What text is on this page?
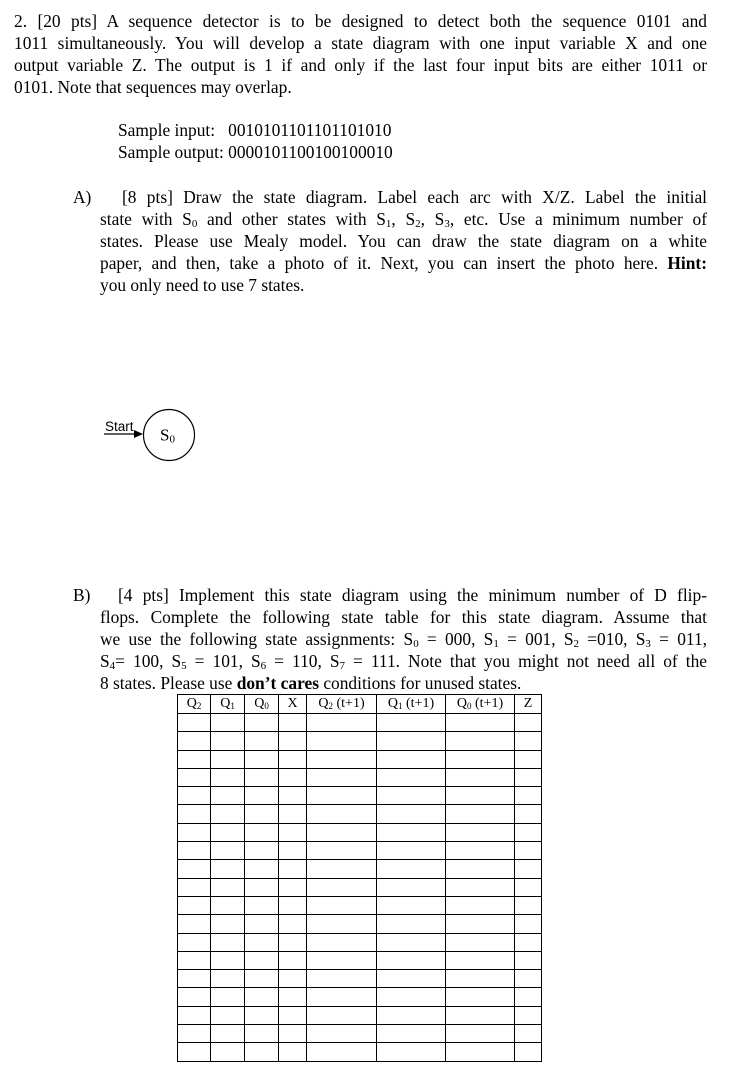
2. [20 pts] A sequence detector is to be designed to detect both the sequence 0101 and
1011 simultaneously. You will develop a state diagram with one input variable X and one
output variable Z. The output is 1 if and only if the last four input bits are either 1011 or
0101. Note that sequences may overlap.
Sample input: 0010101101101101010
Sample output: 0000101100100100010
A)	[8 pts] Draw the state diagram. Label each arc with X/Z. Label the initial
state with $S_0$ and other states with $S_1$, $S_2$, $S_3$, etc. Use a minimum number of
states. Please use Mealy model. You can draw the state diagram on a white
paper, and then, take a photo of it. Next, you can insert the photo here. Hint:
you only need to use 7 states.
Start S0
B)	[4 pts] Implement this state diagram using the minimum number of D flip-
flops. Complete the following state table for this state diagram. Assume that
we use the following state assignments: $S_0 = 000$, $S_1 = 001$, $S_2 =010$, $S_3 = 011$,
$S_4= 100$, $S_5 = 101$, $S_6 = 110$, $S_7 = 111$. Note that you might not need all of the
8 states. Please use don’t cares conditions for unused states.
$Q_2$	$Q_1$	$Q_0$	X	$Q_2$ (t+1)	$Q_1$ (t+1)	$Q_0$ (t+1)	Z
